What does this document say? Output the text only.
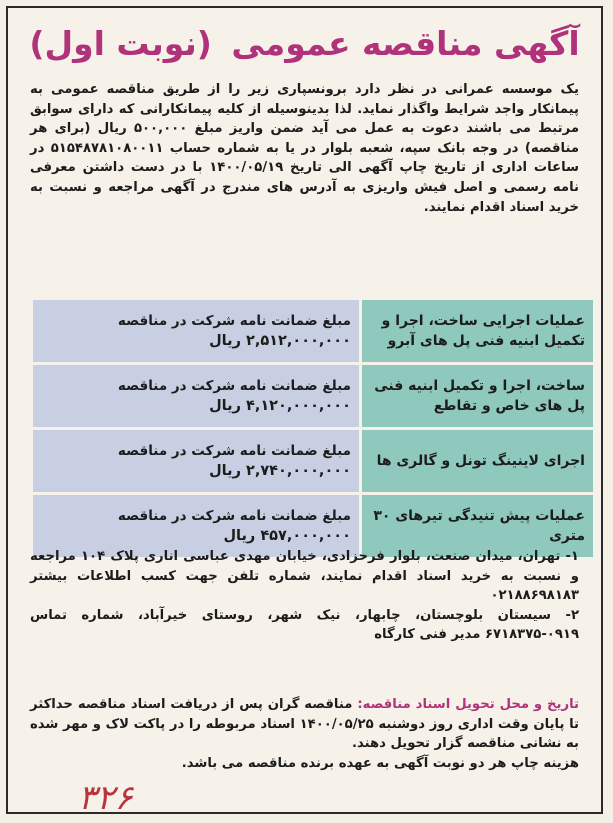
آگهی مناقصه عمومی (نوبت اول)
یک موسسه عمرانی در نظر دارد برونسپاری زیر را از طریق مناقصه عمومی به پیمانکار واجد شرایط واگذار نماید. لذا بدینوسیله از کلیه پیمانکارانی که دارای سوابق مرتبط می باشند دعوت به عمل می آید ضمن واریز مبلغ ۵۰۰,۰۰۰ ریال (برای هر مناقصه) در وجه بانک سپه، شعبه بلوار در یا به شماره حساب ۵۱۵۴۸۷۸۱۰۸۰۰۱۱ در ساعات اداری از تاریخ چاپ آگهی الی تاریخ ۱۴۰۰/۰۵/۱۹ با در دست داشتن معرفی نامه رسمی و اصل فیش واریزی به آدرس های مندرج در آگهی مراجعه و نسبت به خرید اسناد اقدام نمایند.
عملیات اجرایی ساخت، اجرا و تکمیل ابنیه فنی پل های آبرو	مبلغ ضمانت نامه شرکت در مناقصه
۲,۵۱۲,۰۰۰,۰۰۰ ریال

ساخت، اجرا و تکمیل ابنیه فنی پل های خاص و تقاطع	مبلغ ضمانت نامه شرکت در مناقصه
۴,۱۲۰,۰۰۰,۰۰۰ ریال

اجرای لاینینگ تونل و گالری ها	مبلغ ضمانت نامه شرکت در مناقصه
۲,۷۴۰,۰۰۰,۰۰۰ ریال

عملیات پیش تنیدگی تیرهای ۳۰ متری	مبلغ ضمانت نامه شرکت در مناقصه
۴۵۷,۰۰۰,۰۰۰ ریال
۱- تهران، میدان صنعت، بلوار فرحزادی، خیابان مهدی عباسی اناری پلاک ۱۰۴ مراجعه و نسبت به خرید اسناد اقدام نمایند، شماره تلفن جهت کسب اطلاعات بیشتر ۰۲۱۸۸۶۹۸۱۸۳
۲- سیستان بلوچستان، چابهار، نیک شهر، روستای خیرآباد، شماره تماس ۰۹۱۹-۶۷۱۸۳۷۵ مدیر فنی کارگاه
تاریخ و محل تحویل اسناد مناقصه: مناقصه گران پس از دریافت اسناد مناقصه حداکثر تا پایان وقت اداری روز دوشنبه ۱۴۰۰/۰۵/۲۵ اسناد مربوطه را در پاکت لاک و مهر شده به نشانی مناقصه گزار تحویل دهند.
هزینه چاپ هر دو نوبت آگهی به عهده برنده مناقصه می باشد.
۳۲۶
